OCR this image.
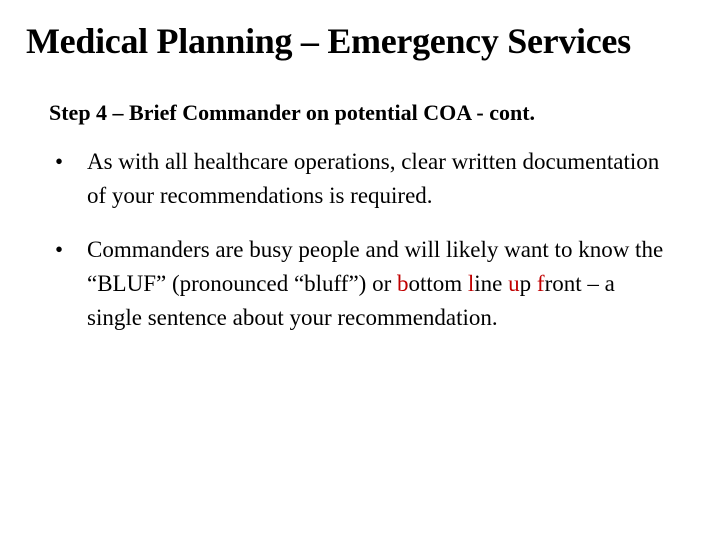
Medical Planning – Emergency Services
Step 4 – Brief Commander on potential COA - cont.
• As with all healthcare operations, clear written documentation of your recommendations is required.
• Commanders are busy people and will likely want to know the “BLUF” (pronounced “bluff”) or bottom line up front – a single sentence about your recommendation.
